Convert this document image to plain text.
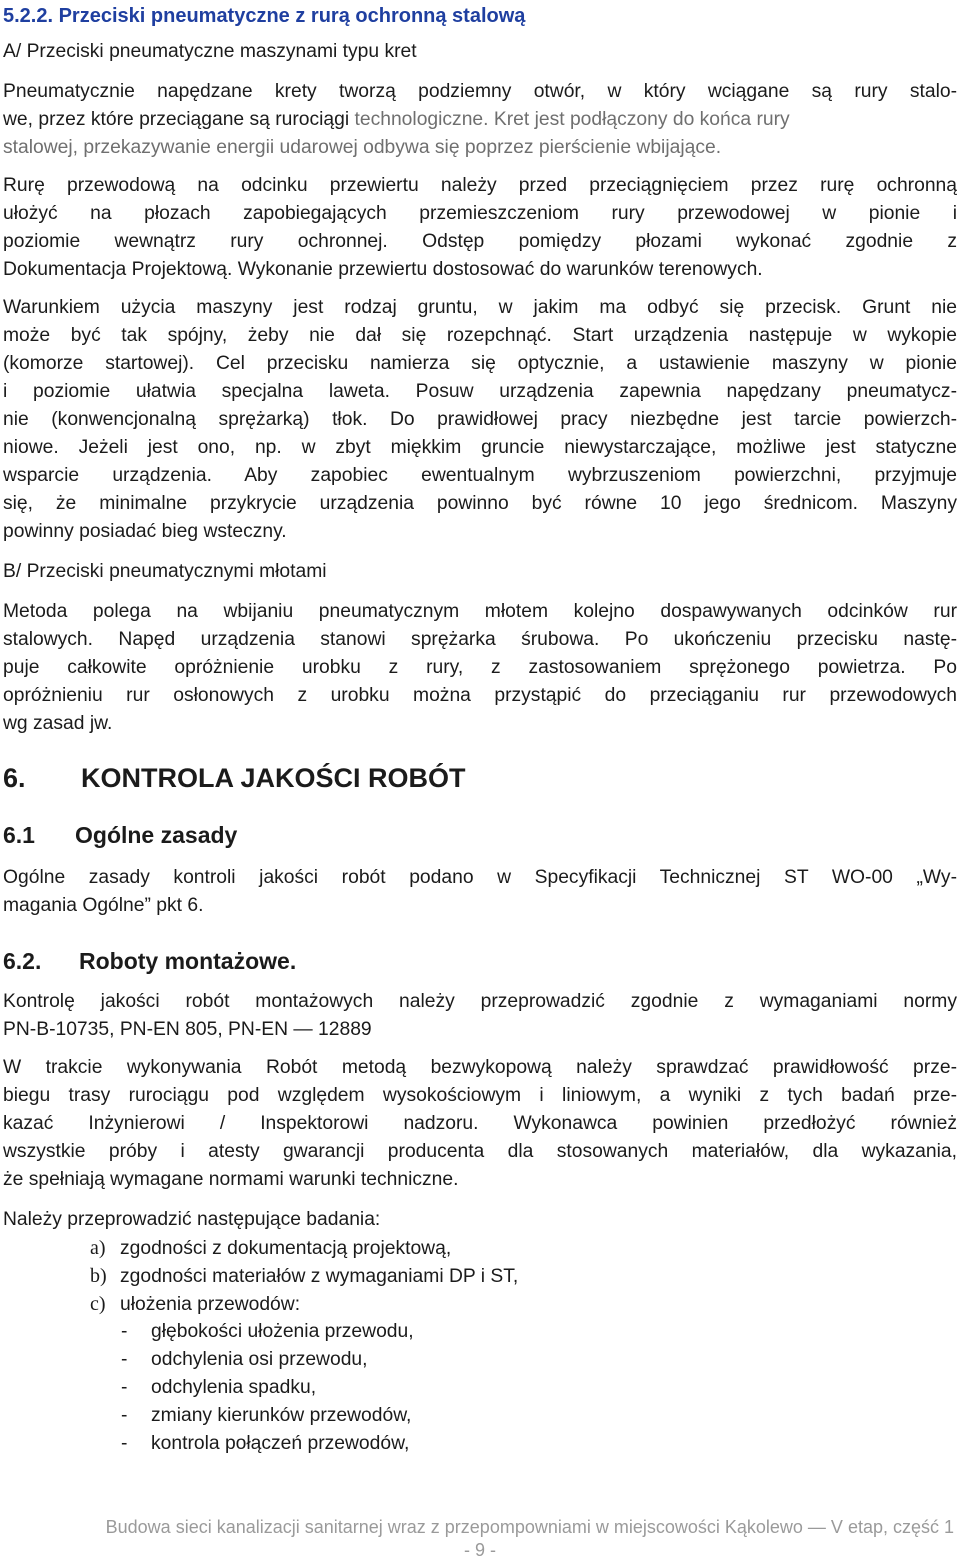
5.2.2. Przeciski pneumatyczne z rurą ochronną stalową
A/ Przeciski pneumatyczne maszynami typu kret
Pneumatycznie napędzane krety tworzą podziemny otwór, w który wciągane są rury stalo-
we, przez które przeciągane są rurociągi technologiczne. Kret jest podłączony do końca rury
stalowej, przekazywanie energii udarowej odbywa się poprzez pierścienie wbijające.
Rurę przewodową na odcinku przewiertu należy przed przeciągnięciem przez rurę ochronną
ułożyć na płozach zapobiegających przemieszczeniom rury przewodowej w pionie i
poziomie wewnątrz rury ochronnej. Odstęp pomiędzy płozami wykonać zgodnie z
Dokumentacja Projektową. Wykonanie przewiertu dostosować do warunków terenowych.
Warunkiem użycia maszyny jest rodzaj gruntu, w jakim ma odbyć się przecisk. Grunt nie
może być tak spójny, żeby nie dał się rozepchnąć. Start urządzenia następuje w wykopie
(komorze startowej). Cel przecisku namierza się optycznie, a ustawienie maszyny w pionie
i poziomie ułatwia specjalna laweta. Posuw urządzenia zapewnia napędzany pneumatycz-
nie (konwencjonalną sprężarką) tłok. Do prawidłowej pracy niezbędne jest tarcie powierzch-
niowe. Jeżeli jest ono, np. w zbyt miękkim gruncie niewystarczające, możliwe jest statyczne
wsparcie urządzenia. Aby zapobiec ewentualnym wybrzuszeniom powierzchni, przyjmuje
się, że minimalne przykrycie urządzenia powinno być równe 10 jego średnicom. Maszyny
powinny posiadać bieg wsteczny.
B/ Przeciski pneumatycznymi młotami
Metoda polega na wbijaniu pneumatycznym młotem kolejno dospawywanych odcinków rur
stalowych. Napęd urządzenia stanowi sprężarka śrubowa. Po ukończeniu przecisku nastę-
puje całkowite opróżnienie urobku z rury, z zastosowaniem sprężonego powietrza. Po
opróżnieniu rur osłonowych z urobku można przystąpić do przeciąganiu rur przewodowych
wg zasad jw.
6. KONTROLA JAKOŚCI ROBÓT
6.1 Ogólne zasady
Ogólne zasady kontroli jakości robót podano w Specyfikacji Technicznej ST WO-00 „Wy-
magania Ogólne” pkt 6.
6.2. Roboty montażowe.
Kontrolę jakości robót montażowych należy przeprowadzić zgodnie z wymaganiami normy
PN-B-10735, PN-EN 805, PN-EN — 12889
W trakcie wykonywania Robót metodą bezwykopową należy sprawdzać prawidłowość prze-
biegu trasy rurociągu pod względem wysokościowym i liniowym, a wyniki z tych badań prze-
kazać Inżynierowi / Inspektorowi nadzoru. Wykonawca powinien przedłożyć również
wszystkie próby i atesty gwarancji producenta dla stosowanych materiałów, dla wykazania,
że spełniają wymagane normami warunki techniczne.
Należy przeprowadzić następujące badania:
a) zgodności z dokumentacją projektową,
b) zgodności materiałów z wymaganiami DP i ST,
c) ułożenia przewodów:
- głębokości ułożenia przewodu,
- odchylenia osi przewodu,
- odchylenia spadku,
- zmiany kierunków przewodów,
- kontrola połączeń przewodów,
Budowa sieci kanalizacji sanitarnej wraz z przepompowniami w miejscowości Kąkolewo — V etap, część 1
- 9 -
